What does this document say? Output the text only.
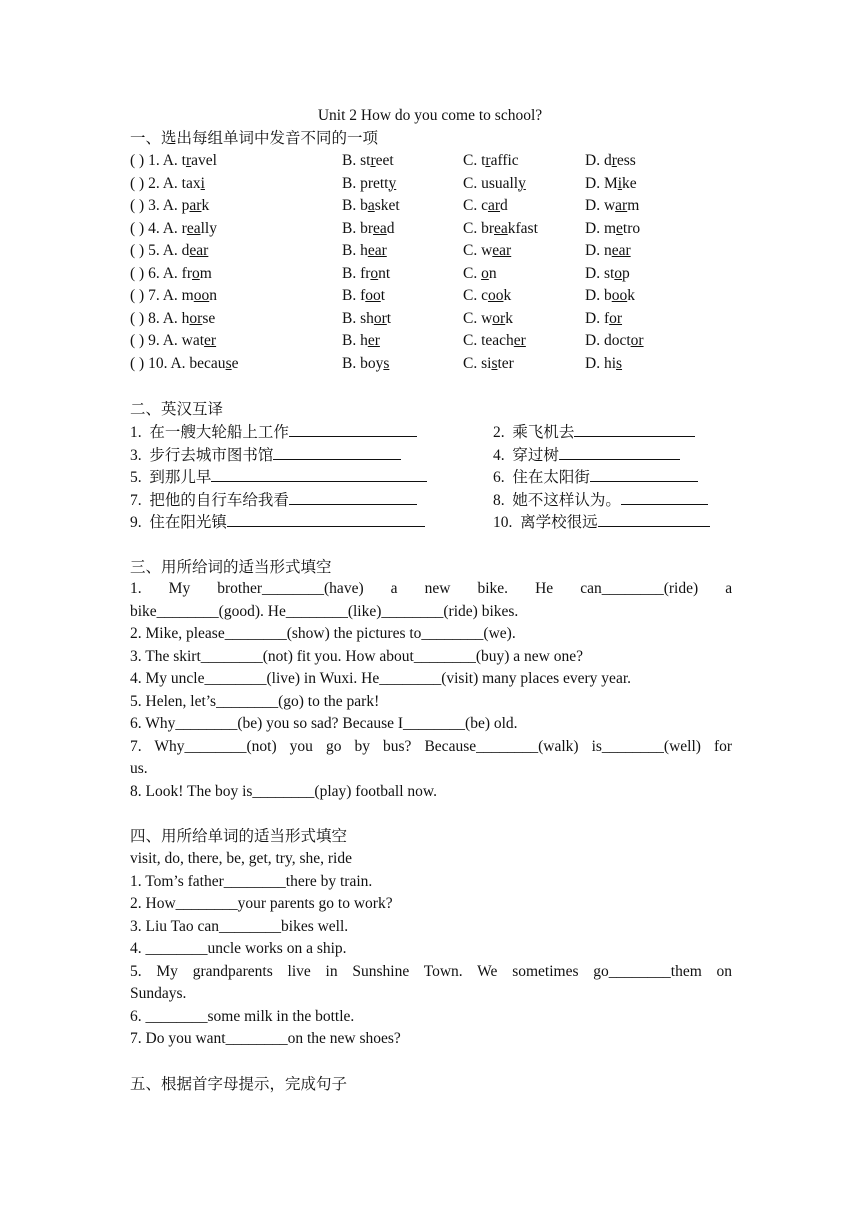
Unit 2 How do you come to school?
一、选出每组单词中发音不同的一项
( ) 1. A. travel	B. street	C. traffic	D. dress
( ) 2. A. taxi	B. pretty	C. usually	D. Mike
( ) 3. A. park	B. basket	C. card	D. warm
( ) 4. A. really	B. bread	C. breakfast	D. metro
( ) 5. A. dear	B. hear	C. wear	D. near
( ) 6. A. from	B. front	C. on	D. stop
( ) 7. A. moon	B. foot	C. cook	D. book
( ) 8. A. horse	B. short	C. work	D. for
( ) 9. A. water	B. her	C. teacher	D. doctor
( ) 10. A. because	B. boys	C. sister	D. his
二、英汉互译
1. 在一艘大轮船上工作	2. 乘飞机去
3. 步行去城市图书馆	4. 穿过树
5. 到那儿早	6. 住在太阳街
7. 把他的自行车给我看	8. 她不这样认为。
9. 住在阳光镇	10. 离学校很远
三、用所给词的适当形式填空
1. My brother________(have) a new bike. He can________(ride) a
bike________(good). He________(like)________(ride) bikes.
2. Mike, please________(show) the pictures to________(we).
3. The skirt________(not) fit you. How about________(buy) a new one?
4. My uncle________(live) in Wuxi. He________(visit) many places every year.
5. Helen, let’s________(go) to the park!
6. Why________(be) you so sad? Because I________(be) old.
7. Why________(not) you go by bus? Because________(walk) is________(well) for
us.
8. Look! The boy is________(play) football now.
四、用所给单词的适当形式填空
visit, do, there, be, get, try, she, ride
1. Tom’s father________there by train.
2. How________your parents go to work?
3. Liu Tao can________bikes well.
4. ________uncle works on a ship.
5. My grandparents live in Sunshine Town. We sometimes go________them on
Sundays.
6. ________some milk in the bottle.
7. Do you want________on the new shoes?
五、根据首字母提示，完成句子
